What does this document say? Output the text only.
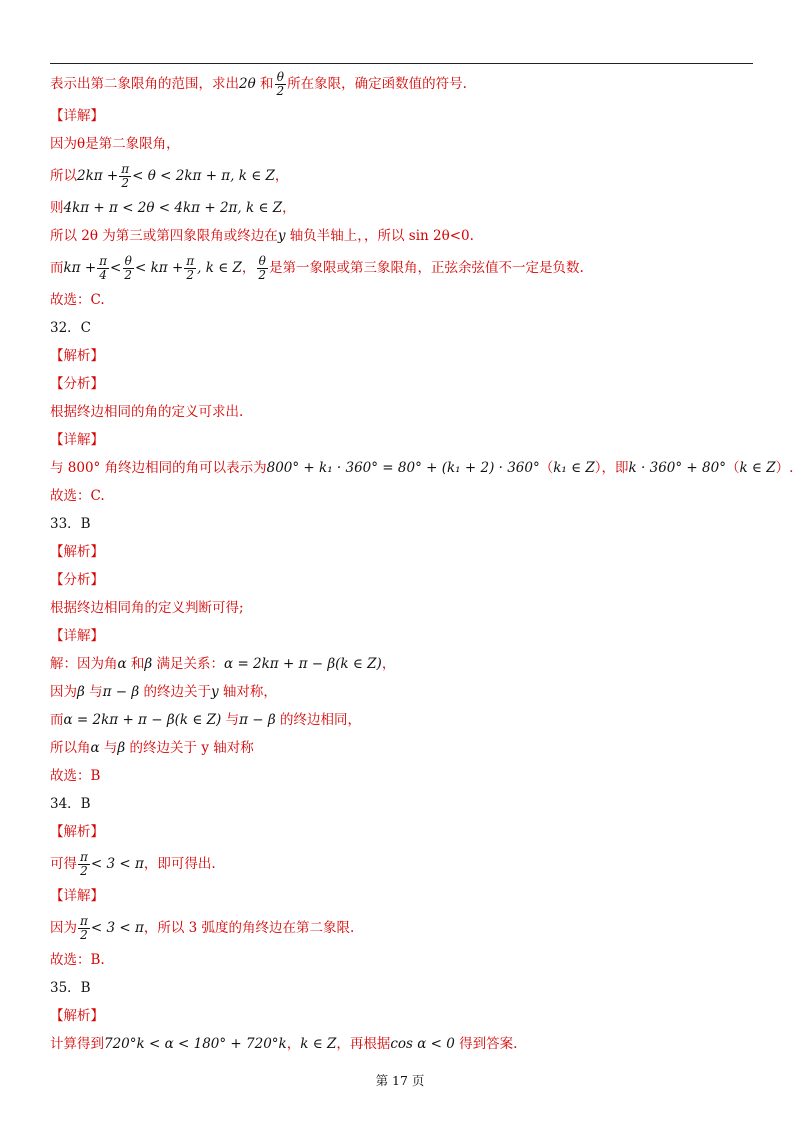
表示出第二象限角的范围，求出2θ 和 $\frac{\theta}{2}$ 所在象限，确定函数值的符号.
【详解】
因为θ是第二象限角，
所以$2k\pi + \frac{\pi}{2} < \theta < 2k\pi + \pi$, k ∈ Z，
则4kπ + π < 2θ < 4kπ + 2π, k ∈ Z，
所以 2θ 为第三或第四象限角或终边在y 轴负半轴上，，所以 sin 2θ<0.
而$k\pi + \frac{\pi}{4} < \frac{\theta}{2} < k\pi + \frac{\pi}{2}$ , k ∈ Z， $\frac{\theta}{2}$ 是第一象限或第三象限角，正弦余弦值不一定是负数.
故选：C.
32．C
【解析】
【分析】
根据终边相同的角的定义可求出.
【详解】
与 800° 角终边相同的角可以表示为800° + k₁ · 360° = 80° + (k₁ + 2) · 360°（k₁ ∈ Z），即k · 360° + 80°（k ∈ Z）.
故选：C.
33．B
【解析】
【分析】
根据终边相同角的定义判断可得;
【详解】
解：因为角α 和β 满足关系：α = 2kπ + π − β(k ∈ Z)，
因为β 与π − β 的终边关于y 轴对称，
而α = 2kπ + π − β(k ∈ Z) 与π − β 的终边相同，
所以角α 与β 的终边关于 y 轴对称
故选：B
34．B
【解析】
可得 $\frac{\pi}{2} < 3 < \pi$，即可得出.
【详解】
因为 $\frac{\pi}{2} < 3 < \pi$，所以 3 弧度的角终边在第二象限.
故选：B.
35．B
【解析】
计算得到720°k < α < 180° + 720°k，k ∈ Z，再根据cos α < 0 得到答案.
第 17 页
